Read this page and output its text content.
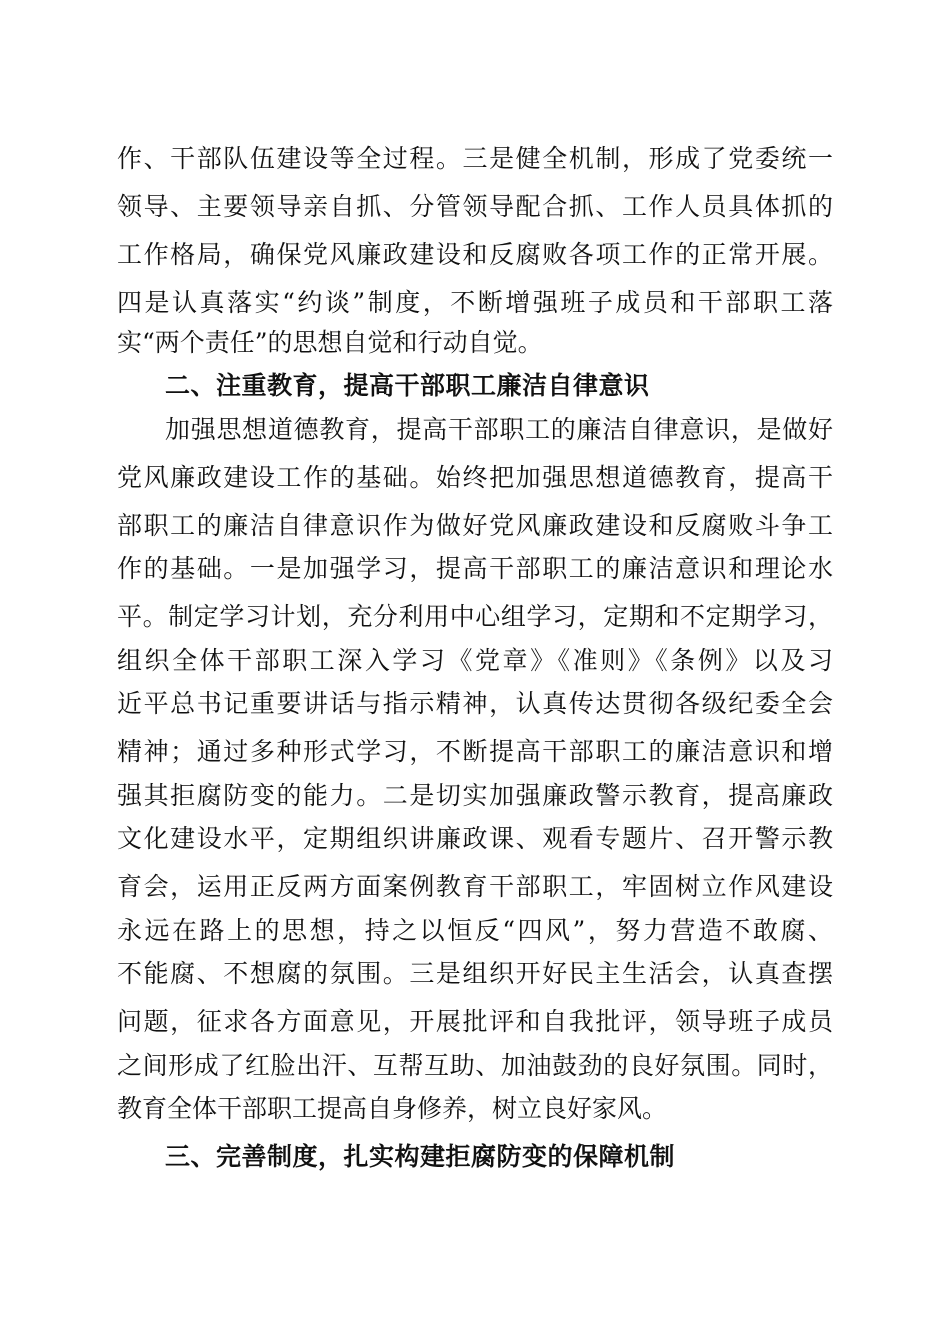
作、干部队伍建设等全过程。三是健全机制，形成了党委统一
领导、主要领导亲自抓、分管领导配合抓、工作人员具体抓的
工作格局，确保党风廉政建设和反腐败各项工作的正常开展。
四是认真落实“约谈”制度，不断增强班子成员和干部职工落
实“两个责任”的思想自觉和行动自觉。
二、注重教育，提高干部职工廉洁自律意识
加强思想道德教育，提高干部职工的廉洁自律意识，是做好
党风廉政建设工作的基础。始终把加强思想道德教育，提高干
部职工的廉洁自律意识作为做好党风廉政建设和反腐败斗争工
作的基础。一是加强学习，提高干部职工的廉洁意识和理论水
平。制定学习计划，充分利用中心组学习，定期和不定期学习，
组织全体干部职工深入学习《党章》《准则》《条例》以及习
近平总书记重要讲话与指示精神，认真传达贯彻各级纪委全会
精神；通过多种形式学习，不断提高干部职工的廉洁意识和增
强其拒腐防变的能力。二是切实加强廉政警示教育，提高廉政
文化建设水平，定期组织讲廉政课、观看专题片、召开警示教
育会，运用正反两方面案例教育干部职工，牢固树立作风建设
永远在路上的思想，持之以恒反“四风”，努力营造不敢腐、
不能腐、不想腐的氛围。三是组织开好民主生活会，认真查摆
问题，征求各方面意见，开展批评和自我批评，领导班子成员
之间形成了红脸出汗、互帮互助、加油鼓劲的良好氛围。同时，
教育全体干部职工提高自身修养，树立良好家风。
三、完善制度，扎实构建拒腐防变的保障机制
